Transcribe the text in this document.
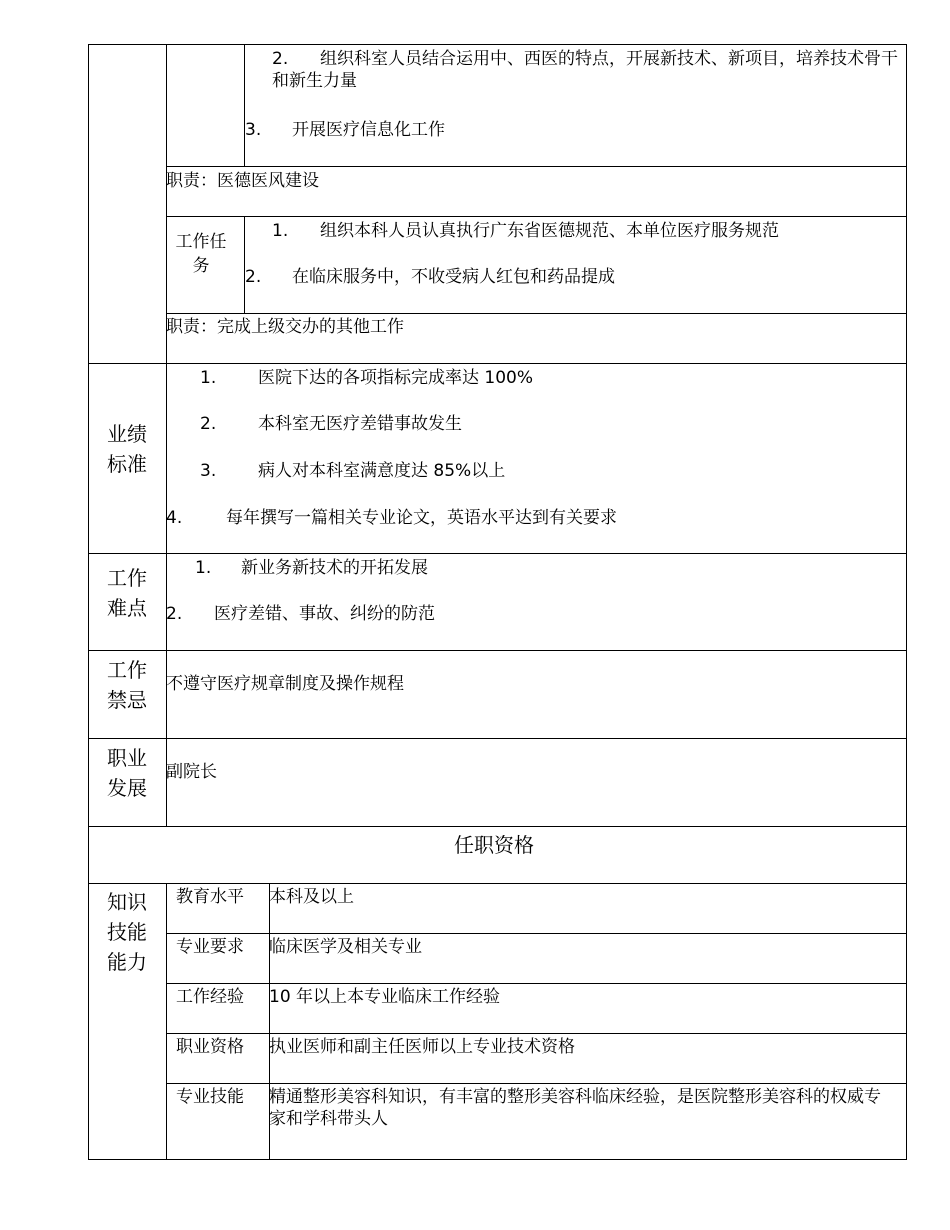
2.	组织科室人员结合运用中、西医的特点，开展新技术、新项目，培养技术骨干和新生力量
3. 开展医疗信息化工作
职责：医德医风建设
工作任务
1. 组织本科人员认真执行广东省医德规范、本单位医疗服务规范
2. 在临床服务中，不收受病人红包和药品提成
职责：完成上级交办的其他工作
业绩标准
1. 医院下达的各项指标完成率达 100%
2. 本科室无医疗差错事故发生
3. 病人对本科室满意度达 85%以上
4.	每年撰写一篇相关专业论文，英语水平达到有关要求
工作难点
1. 新业务新技术的开拓发展
2. 医疗差错、事故、纠纷的防范
工作禁忌
不遵守医疗规章制度及操作规程
职业发展
副院长
任职资格
知识技能能力
教育水平 本科及以上
专业要求 临床医学及相关专业
工作经验 10 年以上本专业临床工作经验
职业资格 执业医师和副主任医师以上专业技术资格
专业技能 精通整形美容科知识，有丰富的整形美容科临床经验，是医院整形美容科的权威专家和学科带头人
